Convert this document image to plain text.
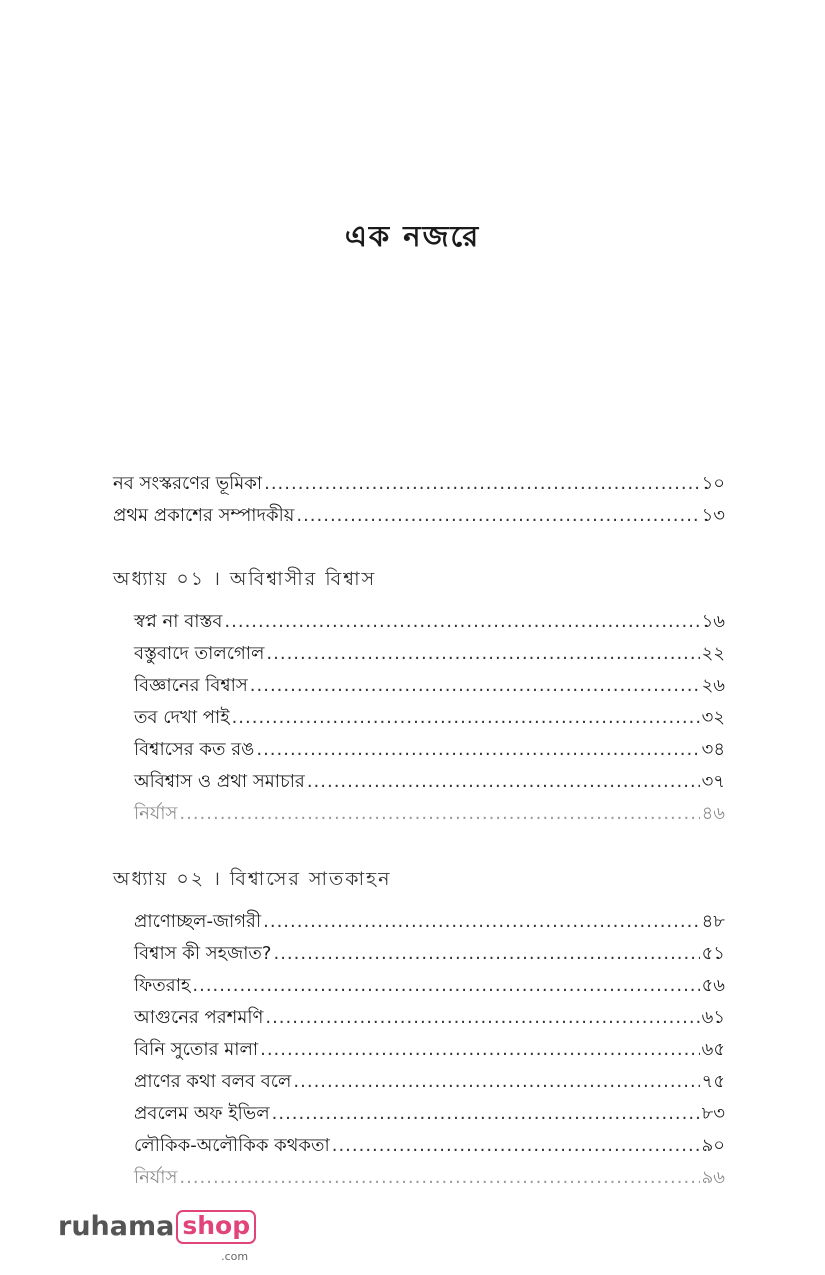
এক নজরে
নব সংস্করণের ভূমিকা .....	১০
প্রথম প্রকাশের সম্পাদকীয় .....	১৩
অধ্যায় ০১ । অবিশ্বাসীর বিশ্বাস
স্বপ্ন না বাস্তব .....	১৬
বস্তুবাদে তালগোল .....	২২
বিজ্ঞানের বিশ্বাস .....	২৬
তব দেখা পাই .....	৩২
বিশ্বাসের কত রঙ .....	৩৪
অবিশ্বাস ও প্রথা সমাচার .....	৩৭
নির্যাস .....	৪৬
অধ্যায় ০২ । বিশ্বাসের সাতকাহন
প্রাণোচ্ছল-জাগরী .....	৪৮
বিশ্বাস কী সহজাত? .....	৫১
ফিতরাহ .....	৫৬
আগুনের পরশমণি .....	৬১
বিনি সুতোর মালা .....	৬৫
প্রাণের কথা বলব বলে .....	৭৫
প্রবলেম অফ ইভিল .....	৮৩
লৌকিক-অলৌকিক কথকতা .....	৯০
নির্যাস .....	৯৬
ruhama shop
.com
